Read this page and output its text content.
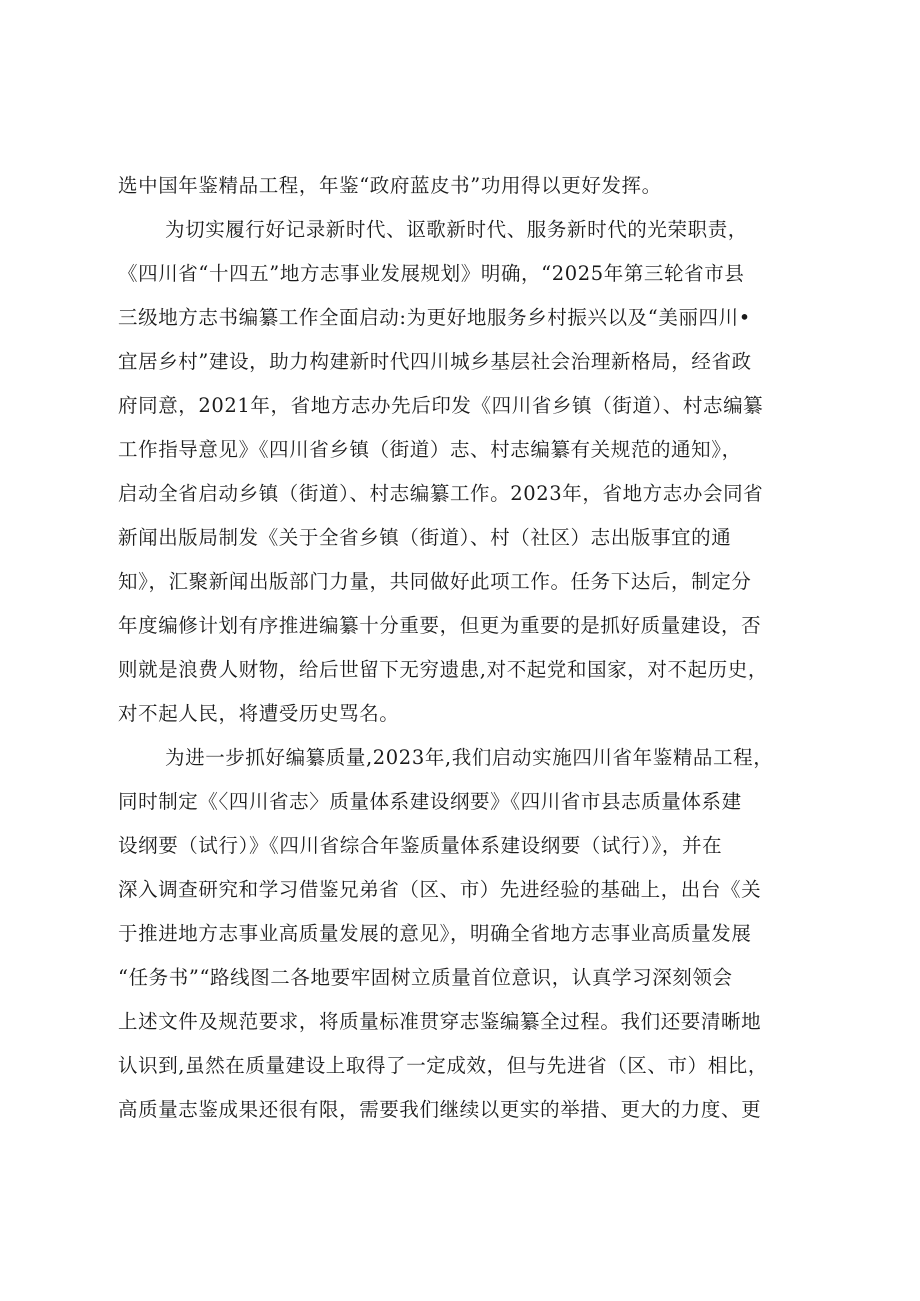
选中国年鉴精品工程，年鉴“政府蓝皮书”功用得以更好发挥。
为切实履行好记录新时代、讴歌新时代、服务新时代的光荣职责，
《四川省“十四五”地方志事业发展规划》明确，“2025年第三轮省市县
三级地方志书编纂工作全面启动:为更好地服务乡村振兴以及“美丽四川•
宜居乡村”建设，助力构建新时代四川城乡基层社会治理新格局，经省政
府同意，2021年，省地方志办先后印发《四川省乡镇（街道）、村志编纂
工作指导意见》《四川省乡镇（街道）志、村志编纂有关规范的通知》，
启动全省启动乡镇（街道）、村志编纂工作。2023年，省地方志办会同省
新闻出版局制发《关于全省乡镇（街道）、村（社区）志出版事宜的通
知》，汇聚新闻出版部门力量，共同做好此项工作。任务下达后，制定分
年度编修计划有序推进编纂十分重要，但更为重要的是抓好质量建设，否
则就是浪费人财物，给后世留下无穷遗患,对不起党和国家，对不起历史，
对不起人民，将遭受历史骂名。
为进一步抓好编纂质量,2023年,我们启动实施四川省年鉴精品工程，
同时制定《〈四川省志〉质量体系建设纲要》《四川省市县志质量体系建
设纲要（试行）》《四川省综合年鉴质量体系建设纲要（试行）》，并在
深入调查研究和学习借鉴兄弟省（区、市）先进经验的基础上，出台《关
于推进地方志事业高质量发展的意见》，明确全省地方志事业高质量发展
“任务书”“路线图二各地要牢固树立质量首位意识，认真学习深刻领会
上述文件及规范要求，将质量标准贯穿志鉴编纂全过程。我们还要清晰地
认识到,虽然在质量建设上取得了一定成效，但与先进省（区、市）相比，
高质量志鉴成果还很有限，需要我们继续以更实的举措、更大的力度、更
